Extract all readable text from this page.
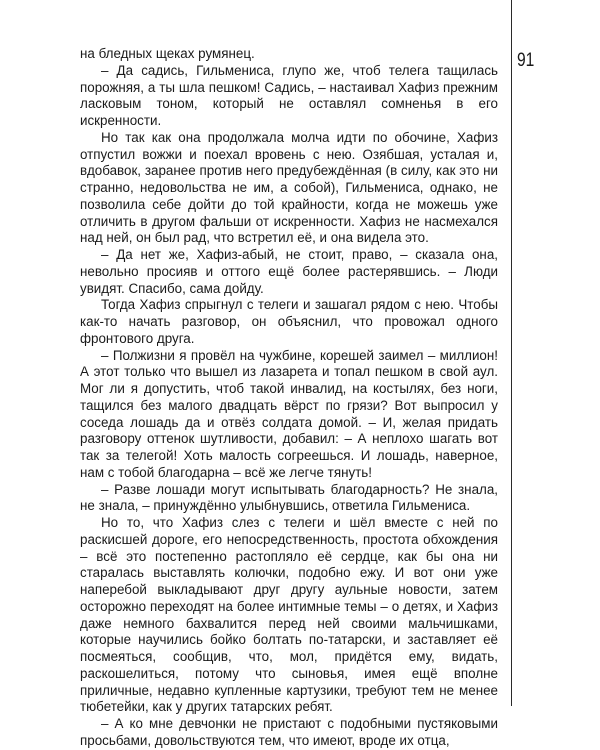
91

на бледных щеках румянец.

– Да садись, Гильмениса, глупо же, чтоб телега тащилась порожняя, а ты шла пешком! Садись, – настаивал Хафиз прежним ласковым тоном, который не оставлял сомненья в его искренности.

Но так как она продолжала молча идти по обочине, Хафиз отпустил вожжи и поехал вровень с нею. Озябшая, усталая и, вдобавок, заранее против него предубеждённая (в силу, как это ни странно, недовольства не им, а собой), Гильмениса, однако, не позволила себе дойти до той крайности, когда не можешь уже отличить в другом фальши от искренности. Хафиз не насмехался над ней, он был рад, что встретил её, и она видела это.

– Да нет же, Хафиз-абый, не стоит, право, – сказала она, невольно просияв и оттого ещё более растерявшись. – Люди увидят. Спасибо, сама дойду.

Тогда Хафиз спрыгнул с телеги и зашагал рядом с нею. Чтобы как-то начать разговор, он объяснил, что провожал одного фронтового друга.

– Полжизни я провёл на чужбине, корешей заимел – миллион! А этот только что вышел из лазарета и топал пешком в свой аул. Мог ли я допустить, чтоб такой инвалид, на костылях, без ноги, тащился без малого двадцать вёрст по грязи? Вот выпросил у соседа лошадь да и отвёз солдата домой. – И, желая придать разговору оттенок шутливости, добавил: – А неплохо шагать вот так за телегой! Хоть малость согреешься. И лошадь, наверное, нам с тобой благодарна – всё же легче тянуть!

– Разве лошади могут испытывать благодарность? Не знала, не знала, – принуждённо улыбнувшись, ответила Гильмениса.

Но то, что Хафиз слез с телеги и шёл вместе с ней по раскисшей дороге, его непосредственность, простота обхождения – всё это постепенно растопляло её сердце, как бы она ни старалась выставлять колючки, подобно ежу. И вот они уже наперебой выкладывают друг другу аульные новости, затем осторожно переходят на более интимные темы – о детях, и Хафиз даже немного бахвалится перед ней своими мальчишками, которые научились бойко болтать по-татарски, и заставляет её посмеяться, сообщив, что, мол, придётся ему, видать, раскошелиться, потому что сыновья, имея ещё вполне приличные, недавно купленные картузики, требуют тем не менее тюбетейки, как у других татарских ребят.

– А ко мне девчонки не пристают с подобными пустяковыми просьбами, довольствуются тем, что имеют, вроде их отца,
